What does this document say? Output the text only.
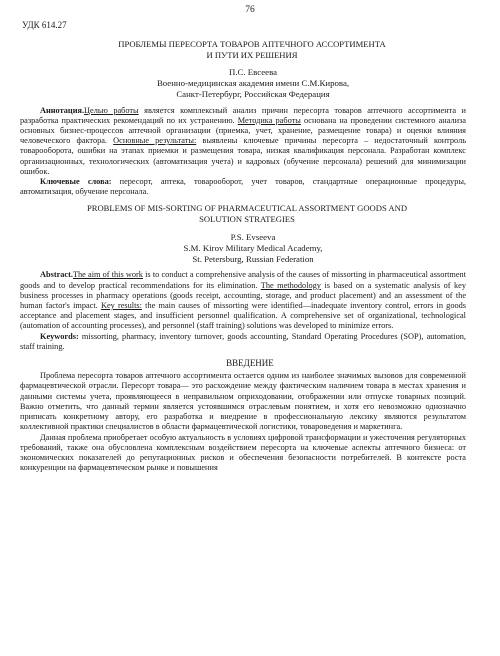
76
УДК 614.27
ПРОБЛЕМЫ ПЕРЕСОРТА ТОВАРОВ АПТЕЧНОГО АССОРТИМЕНТА
И ПУТИ ИХ РЕШЕНИЯ
П.С. Евсеева
Военно-медицинская академия имени С.М.Кирова,
Санкт-Петербург, Российская Федерация

Аннотация.Целью работы является комплексный анализ причин пересорта товаров аптечного ассортимента и разработка практических рекомендаций по их устранению. Методика работы основана на проведении системного анализа основных бизнес-процессов аптечной организации (приемка, учет, хранение, размещение товара) и оценки влияния человеческого фактора. Основные результаты: выявлены ключевые причины пересорта – недостаточный контроль товарооборота, ошибки на этапах приемки и размещения товара, низкая квалификация персонала. Разработан комплекс организационных, технологических (автоматизация учета) и кадровых (обучение персонала) решений для минимизации ошибок.

Ключевые слова: пересорт, аптека, товарооборот, учет товаров, стандартные операционные процедуры, автоматизация, обучение персонала.

PROBLEMS OF MIS-SORTING OF PHARMACEUTICAL ASSORTMENT GOODS AND
SOLUTION STRATEGIES
P.S. Evseeva
S.M. Kirov Military Medical Academy,
St. Petersburg, Russian Federation

Abstract.The aim of this work is to conduct a comprehensive analysis of the causes of missorting in pharmaceutical assortment goods and to develop practical recommendations for its elimination. The methodology is based on a systematic analysis of key business processes in pharmacy operations (goods receipt, accounting, storage, and product placement) and an assessment of the human factor's impact. Key results: the main causes of missorting were identified—inadequate inventory control, errors in goods acceptance and placement stages, and insufficient personnel qualification. A comprehensive set of organizational, technological (automation of accounting processes), and personnel (staff training) solutions was developed to minimize errors.

Keywords: missorting, pharmacy, inventory turnover, goods accounting, Standard Operating Procedures (SOP), automation, staff training.

ВВЕДЕНИЕ

Проблема пересорта товаров аптечного ассортимента остается одним из наиболее значимых вызовов для современной фармацевтической отрасли. Пересорт товара— это расхождение между фактическим наличием товара в местах хранения и данными системы учета, проявляющееся в неправильном оприходовании, отображении или отпуске товарных позиций. Важно отметить, что данный термин является устоявшимся отраслевым понятием, и хотя его невозможно однозначно приписать конкретному автору, его разработка и внедрение в профессиональную лексику являются результатом коллективной практики специалистов в области фармацевтической логистики, товароведения и маркетинга.

Данная проблема приобретает особую актуальность в условиях цифровой трансформации и ужесточения регуляторных требований, также она обусловлена комплексным воздействием пересорта на ключевые аспекты аптечного бизнеса: от экономических показателей до репутационных рисков и обеспечения безопасности потребителей. В контексте роста конкуренции на фармацевтическом рынке и повышения
